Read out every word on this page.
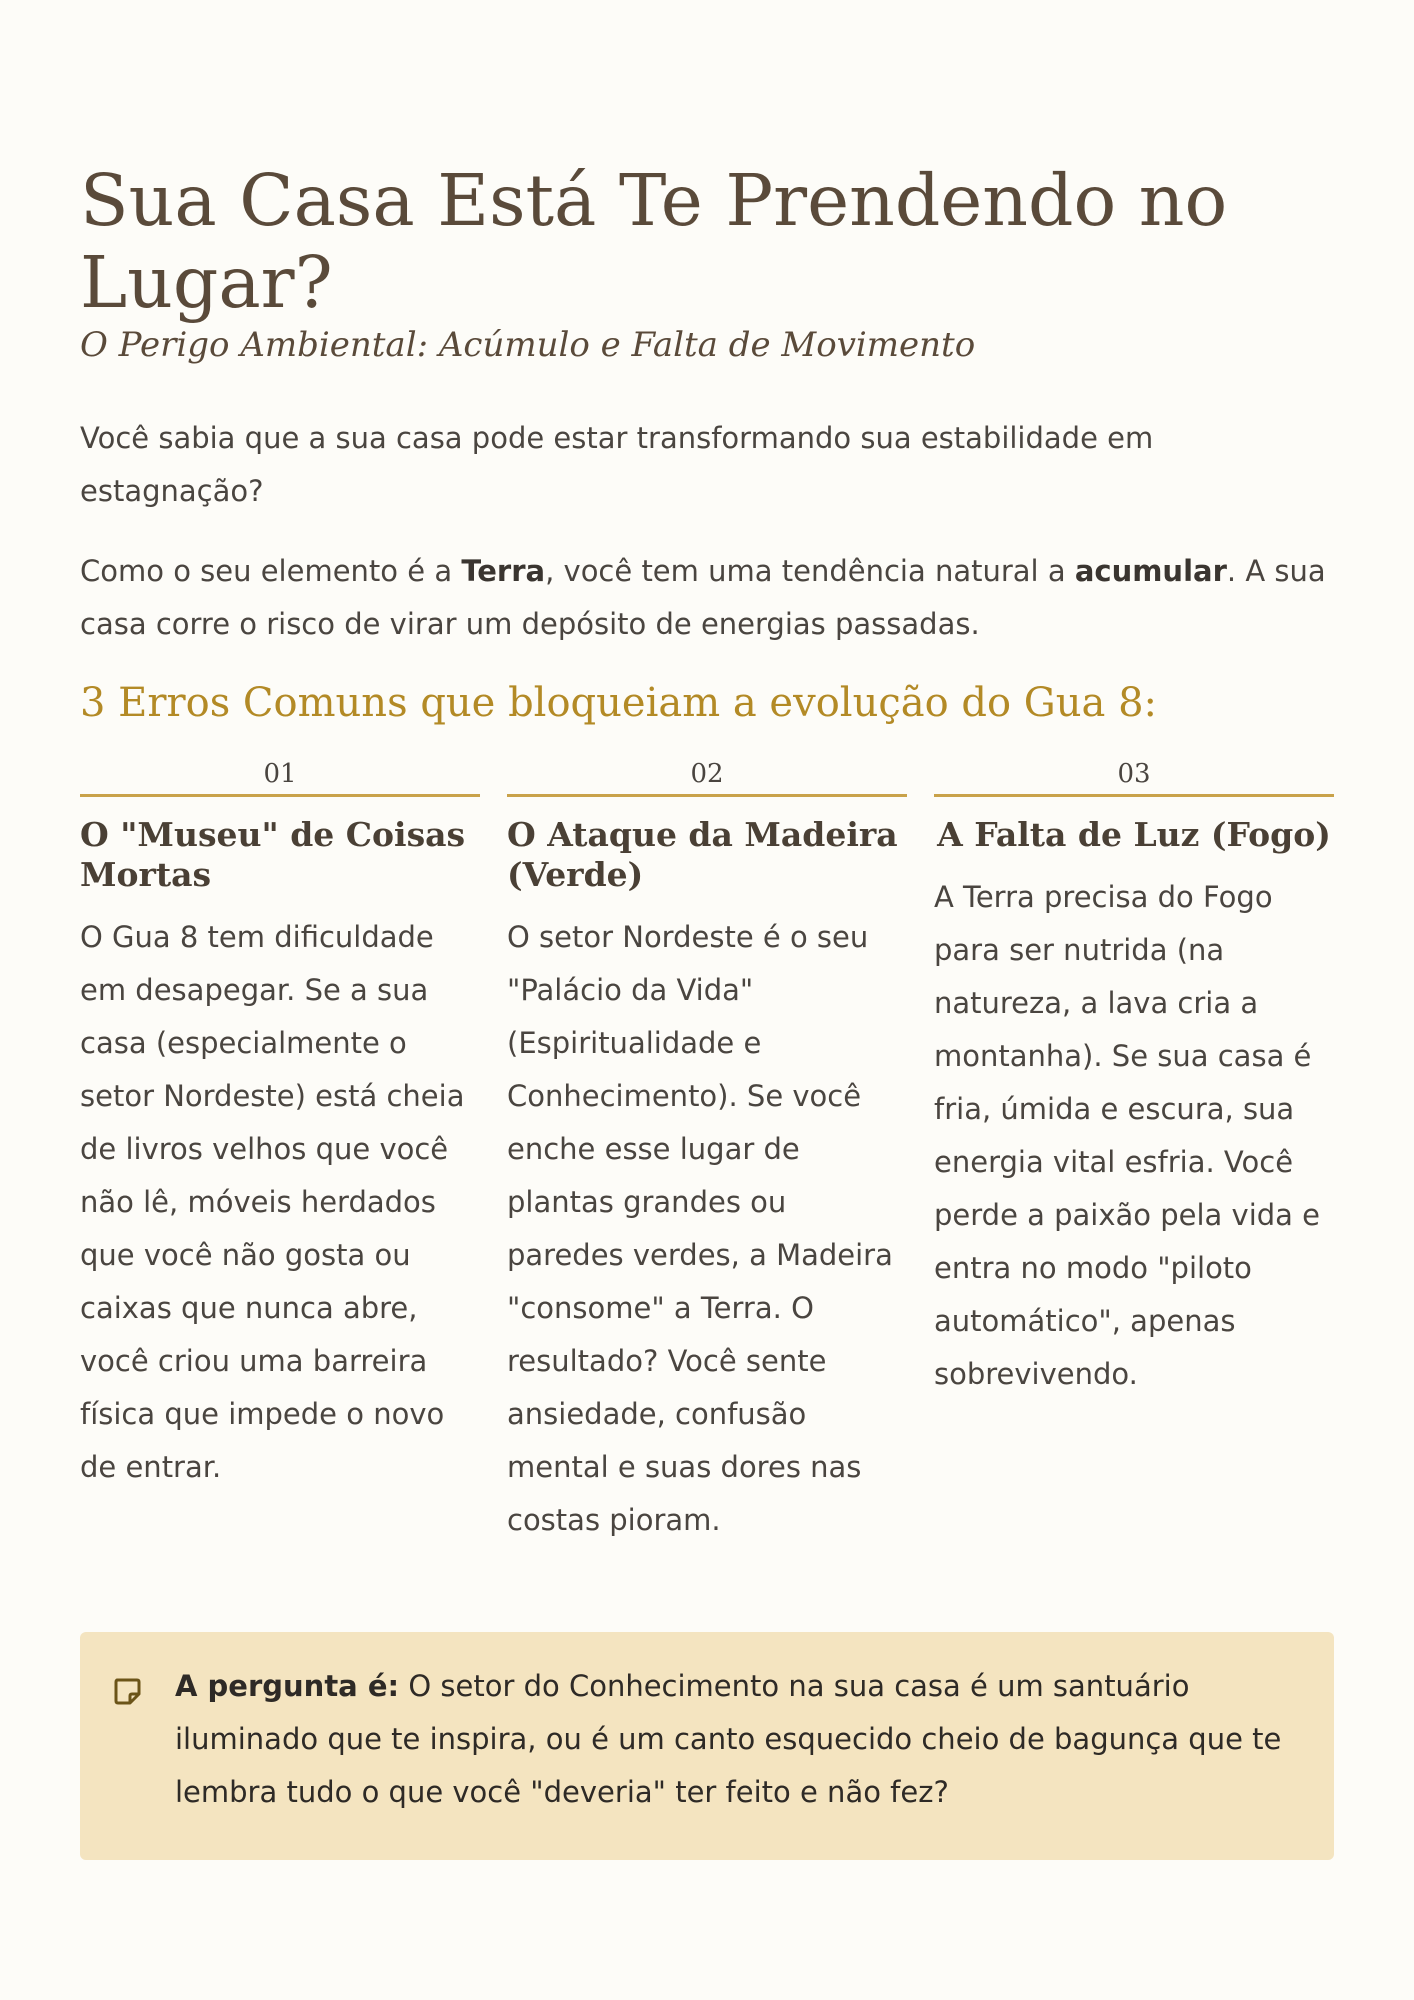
Sua Casa Está Te Prendendo no Lugar?

O Perigo Ambiental: Acúmulo e Falta de Movimento

Você sabia que a sua casa pode estar transformando sua estabilidade em estagnação?

Como o seu elemento é a Terra, você tem uma tendência natural a acumular. A sua casa corre o risco de virar um depósito de energias passadas.

3 Erros Comuns que bloqueiam a evolução do Gua 8:
01
O "Museu" de Coisas Mortas

O Gua 8 tem dificuldade em desapegar. Se a sua casa (especialmente o setor Nordeste) está cheia de livros velhos que você não lê, móveis herdados que você não gosta ou caixas que nunca abre, você criou uma barreira física que impede o novo de entrar.

02
O Ataque da Madeira (Verde)

O setor Nordeste é o seu "Palácio da Vida" (Espiritualidade e Conhecimento). Se você enche esse lugar de plantas grandes ou paredes verdes, a Madeira "consome" a Terra. O resultado? Você sente ansiedade, confusão mental e suas dores nas costas pioram.

03
A Falta de Luz (Fogo)

A Terra precisa do Fogo para ser nutrida (na natureza, a lava cria a montanha). Se sua casa é fria, úmida e escura, sua energia vital esfria. Você perde a paixão pela vida e entra no modo "piloto automático", apenas sobrevivendo.

A pergunta é: O setor do Conhecimento na sua casa é um santuário iluminado que te inspira, ou é um canto esquecido cheio de bagunça que te lembra tudo o que você "deveria" ter feito e não fez?
